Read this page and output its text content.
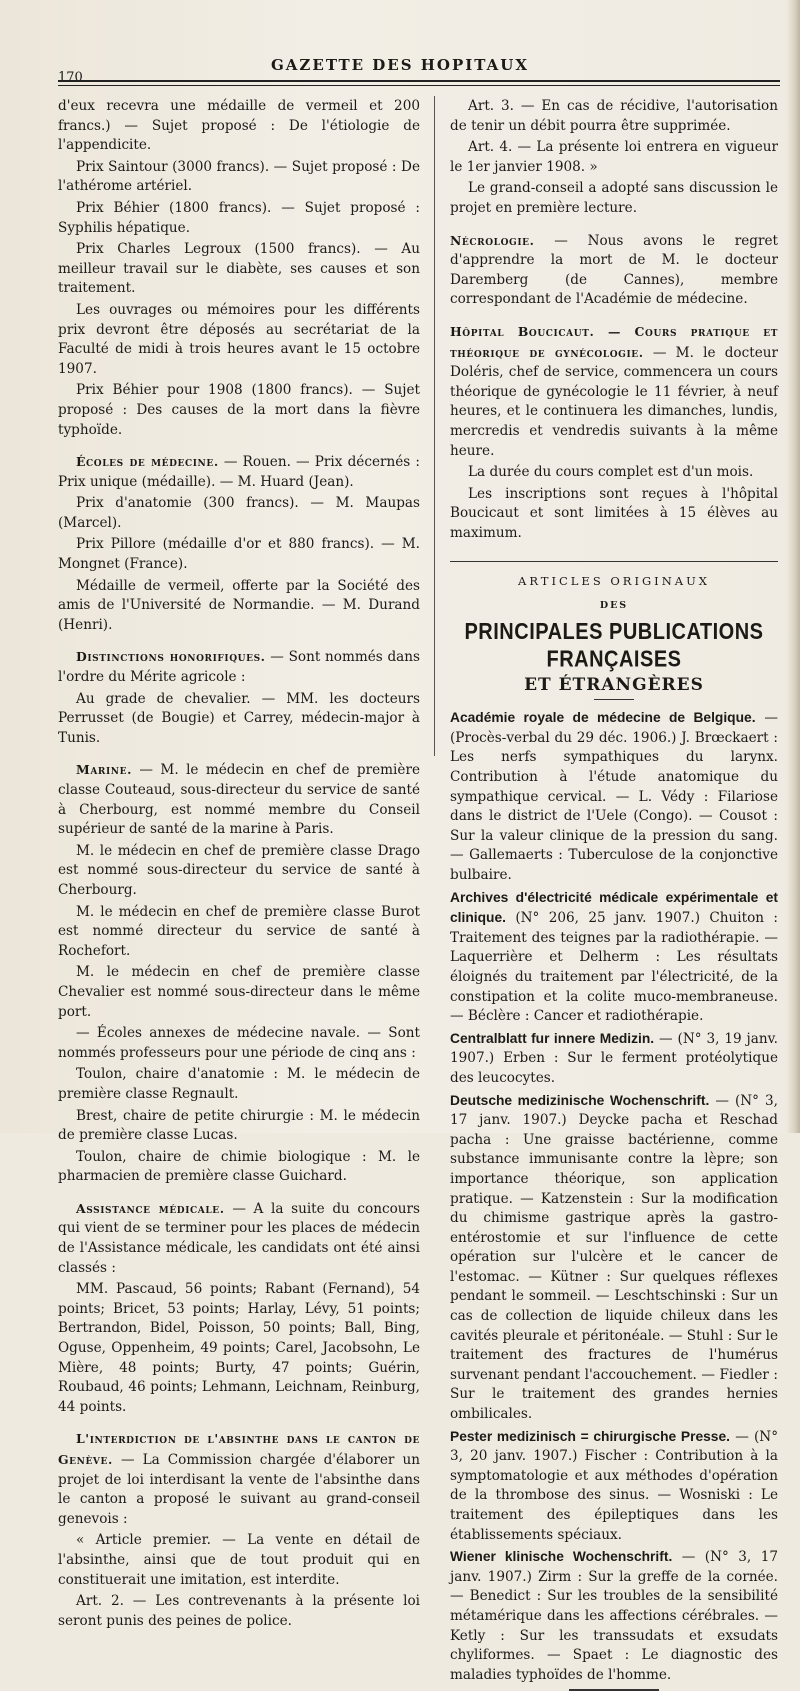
170
GAZETTE DES HOPITAUX

d'eux recevra une médaille de vermeil et 200 francs.) — Sujet proposé : De l'étiologie de l'appendicite.

Prix Saintour (3000 francs). — Sujet proposé : De l'athérome artériel.

Prix Béhier (1800 francs). — Sujet proposé : Syphilis hépatique.

Prix Charles Legroux (1500 francs). — Au meilleur travail sur le diabète, ses causes et son traitement.

Les ouvrages ou mémoires pour les différents prix devront être déposés au secrétariat de la Faculté de midi à trois heures avant le 15 octobre 1907.

Prix Béhier pour 1908 (1800 francs). — Sujet proposé : Des causes de la mort dans la fièvre typhoïde.

Écoles de médecine. — Rouen. — Prix décernés : Prix unique (médaille). — M. Huard (Jean).

Prix d'anatomie (300 francs). — M. Maupas (Marcel).

Prix Pillore (médaille d'or et 880 francs). — M. Mongnet (France).

Médaille de vermeil, offerte par la Société des amis de l'Université de Normandie. — M. Durand (Henri).

Distinctions honorifiques. — Sont nommés dans l'ordre du Mérite agricole :

Au grade de chevalier. — MM. les docteurs Perrusset (de Bougie) et Carrey, médecin-major à Tunis.

Marine. — M. le médecin en chef de première classe Couteaud, sous-directeur du service de santé à Cherbourg, est nommé membre du Conseil supérieur de santé de la marine à Paris.

M. le médecin en chef de première classe Drago est nommé sous-directeur du service de santé à Cherbourg.

M. le médecin en chef de première classe Burot est nommé directeur du service de santé à Rochefort.

M. le médecin en chef de première classe Chevalier est nommé sous-directeur dans le même port.

— Écoles annexes de médecine navale. — Sont nommés professeurs pour une période de cinq ans :

Toulon, chaire d'anatomie : M. le médecin de première classe Regnault.

Brest, chaire de petite chirurgie : M. le médecin de première classe Lucas.

Toulon, chaire de chimie biologique : M. le pharmacien de première classe Guichard.

Assistance médicale. — A la suite du concours qui vient de se terminer pour les places de médecin de l'Assistance médicale, les candidats ont été ainsi classés :

MM. Pascaud, 56 points; Rabant (Fernand), 54 points; Bricet, 53 points; Harlay, Lévy, 51 points; Bertrandon, Bidel, Poisson, 50 points; Ball, Bing, Oguse, Oppenheim, 49 points; Carel, Jacobsohn, Le Mière, 48 points; Burty, 47 points; Guérin, Roubaud, 46 points; Lehmann, Leichnam, Reinburg, 44 points.

L'interdiction de l'absinthe dans le canton de Genève. — La Commission chargée d'élaborer un projet de loi interdisant la vente de l'absinthe dans le canton a proposé le suivant au grand-conseil genevois :

« Article premier. — La vente en détail de l'absinthe, ainsi que de tout produit qui en constituerait une imitation, est interdite.

Art. 2. — Les contrevenants à la présente loi seront punis des peines de police.

Art. 3. — En cas de récidive, l'autorisation de tenir un débit pourra être supprimée.

Art. 4. — La présente loi entrera en vigueur le 1er janvier 1908. »

Le grand-conseil a adopté sans discussion le projet en première lecture.

Nécrologie. — Nous avons le regret d'apprendre la mort de M. le docteur Daremberg (de Cannes), membre correspondant de l'Académie de médecine.

Hôpital Boucicaut. — Cours pratique et théorique de gynécologie. — M. le docteur Doléris, chef de service, commencera un cours théorique de gynécologie le 11 février, à neuf heures, et le continuera les dimanches, lundis, mercredis et vendredis suivants à la même heure.

La durée du cours complet est d'un mois.

Les inscriptions sont reçues à l'hôpital Boucicaut et sont limitées à 15 élèves au maximum.

ARTICLES ORIGINAUX
DES
PRINCIPALES PUBLICATIONS FRANÇAISES
ET ÉTRANGÈRES

Académie royale de médecine de Belgique. — (Procès-verbal du 29 déc. 1906.) J. Brœckaert : Les nerfs sympathiques du larynx. Contribution à l'étude anatomique du sympathique cervical. — L. Védy : Filariose dans le district de l'Uele (Congo). — Cousot : Sur la valeur clinique de la pression du sang. — Gallemaerts : Tuberculose de la conjonctive bulbaire.

Archives d'électricité médicale expérimentale et clinique. (N° 206, 25 janv. 1907.) Chuiton : Traitement des teignes par la radiothérapie. — Laquerrière et Delherm : Les résultats éloignés du traitement par l'électricité, de la constipation et la colite muco-membraneuse. — Béclère : Cancer et radiothérapie.

Centralblatt fur innere Medizin. — (N° 3, 19 janv. 1907.) Erben : Sur le ferment protéolytique des leucocytes.

Deutsche medizinische Wochenschrift. — (N° 3, 17 janv. 1907.) Deycke pacha et Reschad pacha : Une graisse bactérienne, comme substance immunisante contre la lèpre; son importance théorique, son application pratique. — Katzenstein : Sur la modification du chimisme gastrique après la gastro-entérostomie et sur l'influence de cette opération sur l'ulcère et le cancer de l'estomac. — Kütner : Sur quelques réflexes pendant le sommeil. — Leschtschinski : Sur un cas de collection de liquide chileux dans les cavités pleurale et péritonéale. — Stuhl : Sur le traitement des fractures de l'humérus survenant pendant l'accouchement. — Fiedler : Sur le traitement des grandes hernies ombilicales.

Pester medizinisch = chirurgische Presse. — (N° 3, 20 janv. 1907.) Fischer : Contribution à la symptomatologie et aux méthodes d'opération de la thrombose des sinus. — Wosniski : Le traitement des épileptiques dans les établissements spéciaux.

Wiener klinische Wochenschrift. — (N° 3, 17 janv. 1907.) Zirm : Sur la greffe de la cornée. — Benedict : Sur les troubles de la sensibilité métamérique dans les affections cérébrales. — Ketly : Sur les transsudats et exsudats chyliformes. — Spaet : Le diagnostic des maladies typhoïdes de l'homme.
